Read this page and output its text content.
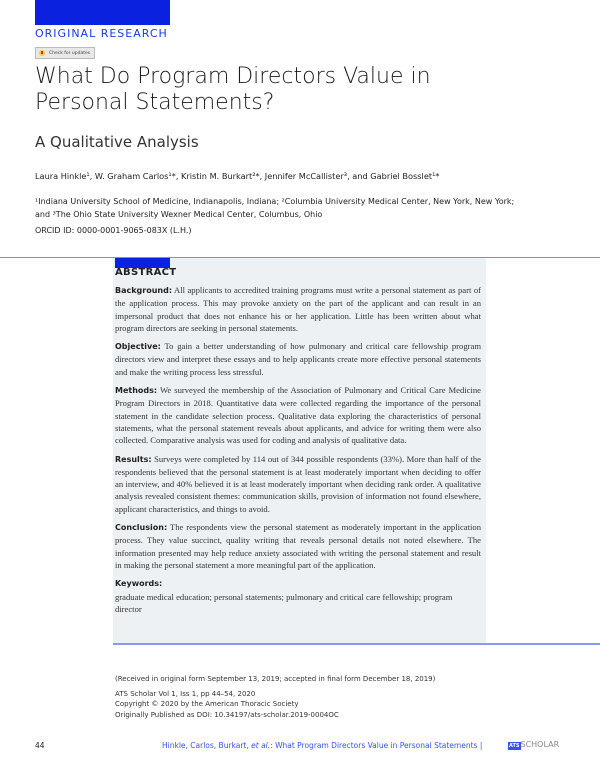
ORIGINAL RESEARCH
Check for updates
What Do Program Directors Value in
Personal Statements?
A Qualitative Analysis
Laura Hinkle¹, W. Graham Carlos¹*, Kristin M. Burkart²*, Jennifer McCallister³, and Gabriel Bosslet¹*
¹Indiana University School of Medicine, Indianapolis, Indiana; ²Columbia University Medical Center, New York, New York;
and ³The Ohio State University Wexner Medical Center, Columbus, Ohio
ORCID ID: 0000-0001-9065-083X (L.H.)
ABSTRACT

Background: All applicants to accredited training programs must write a personal statement as part of the application process. This may provoke anxiety on the part of the applicant and can result in an impersonal product that does not enhance his or her application. Little has been written about what program directors are seeking in personal statements.

Objective: To gain a better understanding of how pulmonary and critical care fellowship program directors view and interpret these essays and to help applicants create more effective personal statements and make the writing process less stressful.

Methods: We surveyed the membership of the Association of Pulmonary and Critical Care Medicine Program Directors in 2018. Quantitative data were collected regarding the importance of the personal statement in the candidate selection process. Qualitative data exploring the characteristics of personal statements, what the personal statement reveals about applicants, and advice for writing them were also collected. Comparative analysis was used for coding and analysis of qualitative data.

Results: Surveys were completed by 114 out of 344 possible respondents (33%). More than half of the respondents believed that the personal statement is at least moderately important when deciding to offer an interview, and 40% believed it is at least moderately important when deciding rank order. A qualitative analysis revealed consistent themes: communication skills, provision of information not found elsewhere, applicant characteristics, and things to avoid.

Conclusion: The respondents view the personal statement as moderately important in the application process. They value succinct, quality writing that reveals personal details not noted elsewhere. The information presented may help reduce anxiety associated with writing the personal statement and result in making the personal statement a more meaningful part of the application.

Keywords:
graduate medical education; personal statements; pulmonary and critical care fellowship; program director

(Received in original form September 13, 2019; accepted in final form December 18, 2019)
ATS Scholar Vol 1, Iss 1, pp 44–54, 2020
Copyright © 2020 by the American Thoracic Society
Originally Published as DOI: 10.34197/ats-scholar.2019-0004OC
44	Hinkle, Carlos, Burkart, et al.: What Program Directors Value in Personal Statements |	ATSSCHOLAR
